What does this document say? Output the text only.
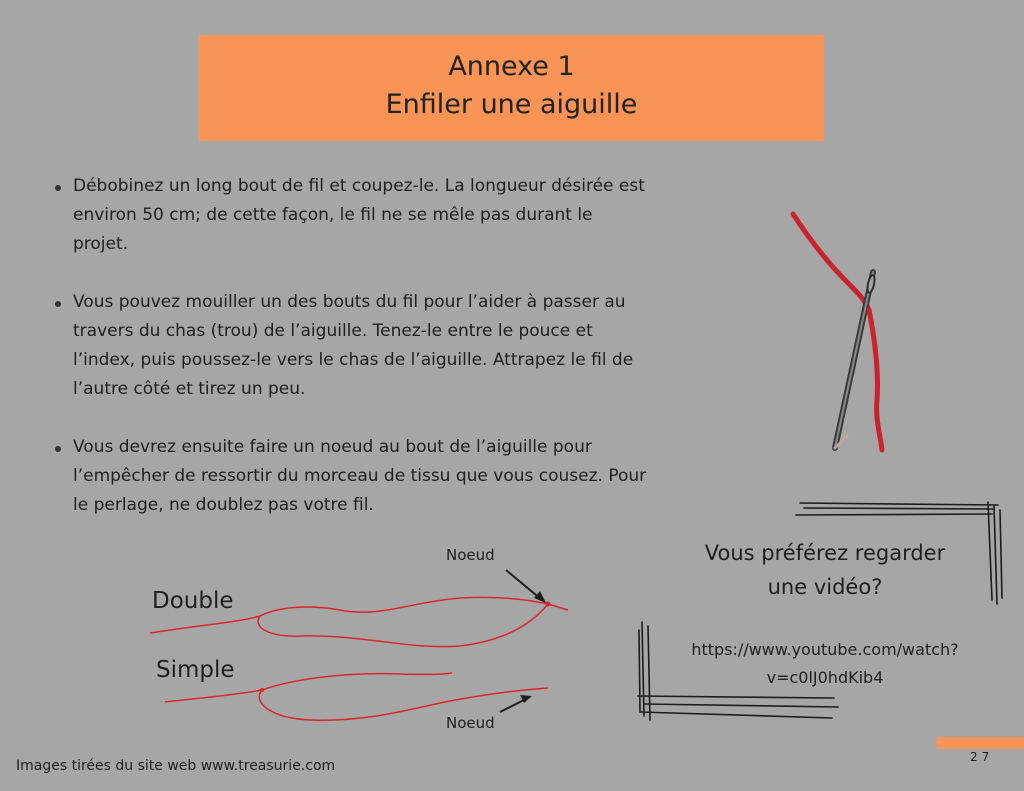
Annexe 1
Enfiler une aiguille
Débobinez un long bout de fil et coupez-le. La longueur désirée est environ 50 cm; de cette façon, le fil ne se mêle pas durant le projet.
Vous pouvez mouiller un des bouts du fil pour l’aider à passer au travers du chas (trou) de l’aiguille. Tenez-le entre le pouce et l’index, puis poussez-le vers le chas de l’aiguille. Attrapez le fil de l’autre côté et tirez un peu.
Vous devrez ensuite faire un noeud au bout de l’aiguille pour l’empêcher de ressortir du morceau de tissu que vous cousez. Pour le perlage, ne doublez pas votre fil.
Double
Simple
Noeud
Noeud
Vous préférez regarder une vidéo?
https://www.youtube.com/watch?v=c0lJ0hdKib4
Images tirées du site web www.treasurie.com
27
